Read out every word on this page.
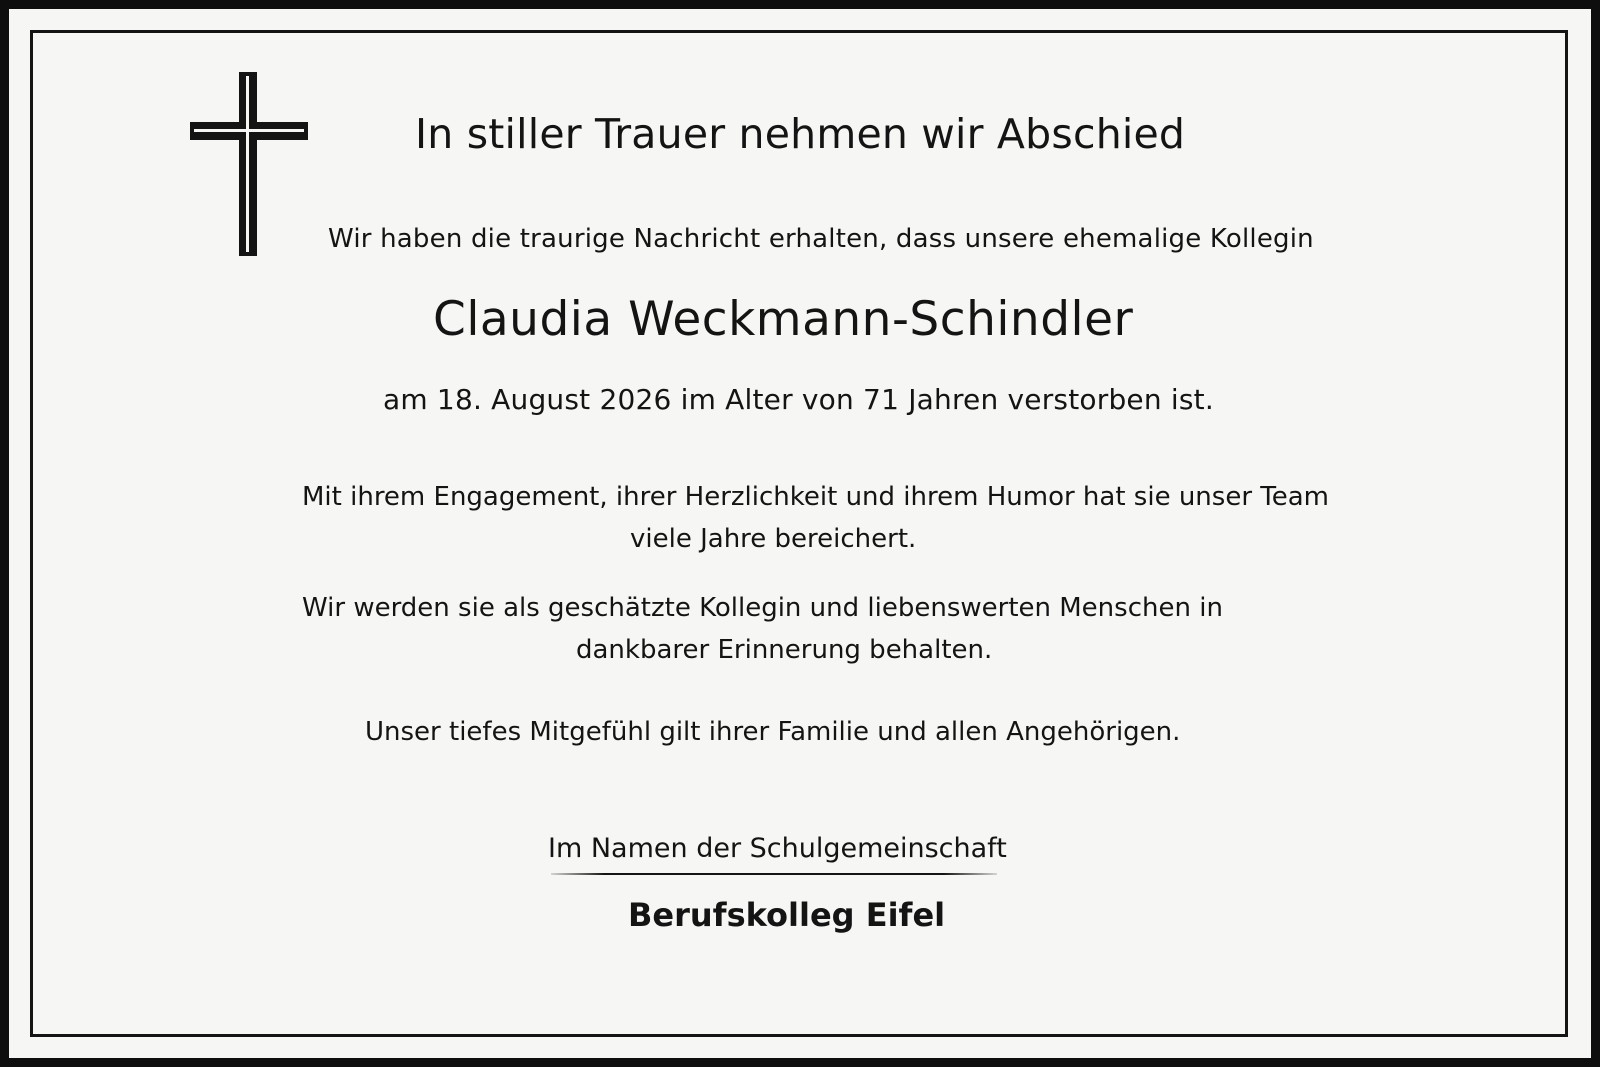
In stiller Trauer nehmen wir Abschied
Wir haben die traurige Nachricht erhalten, dass unsere ehemalige Kollegin
Claudia Weckmann-Schindler
am 18. August 2026 im Alter von 71 Jahren verstorben ist.
Mit ihrem Engagement, ihrer Herzlichkeit und ihrem Humor hat sie unser Team
viele Jahre bereichert.
Wir werden sie als geschätzte Kollegin und liebenswerten Menschen in
dankbarer Erinnerung behalten.
Unser tiefes Mitgefühl gilt ihrer Familie und allen Angehörigen.
Im Namen der Schulgemeinschaft
Berufskolleg Eifel
